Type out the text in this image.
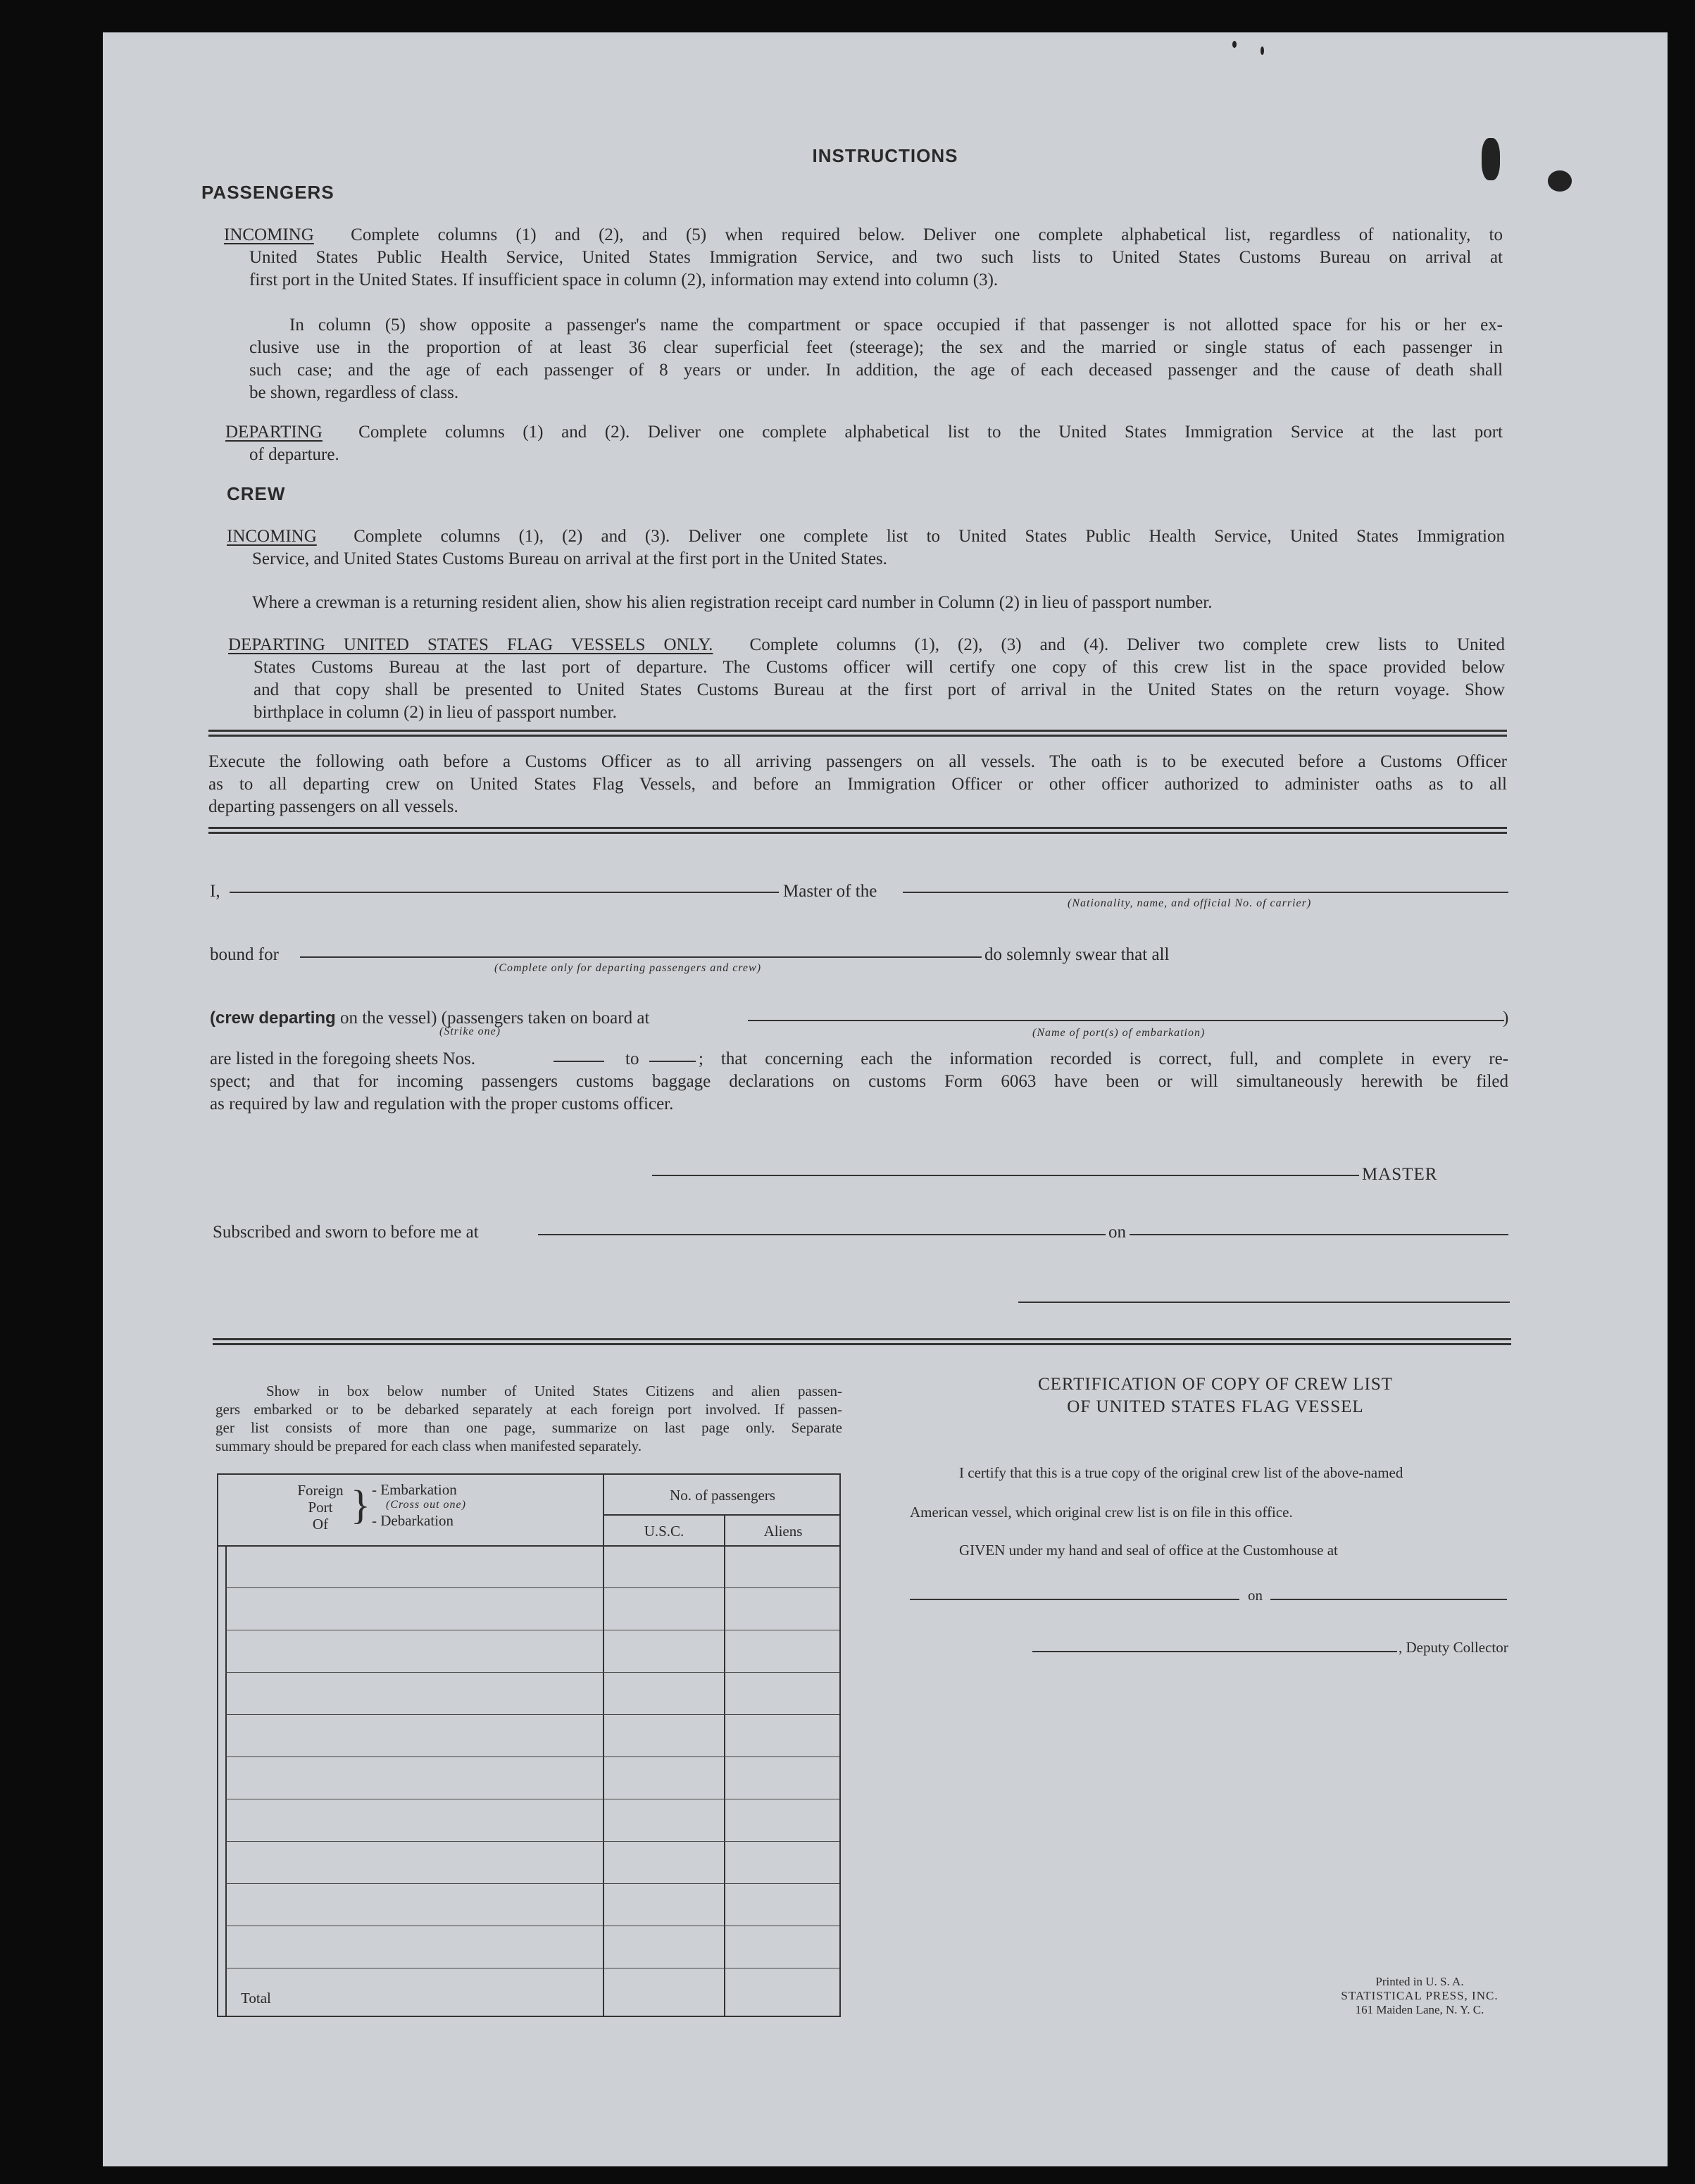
INSTRUCTIONS
PASSENGERS
INCOMING Complete columns (1) and (2), and (5) when required below. Deliver one complete alphabetical list, regardless of nationality, to
United States Public Health Service, United States Immigration Service, and two such lists to United States Customs Bureau on arrival at
first port in the United States. If insufficient space in column (2), information may extend into column (3).
In column (5) show opposite a passenger's name the compartment or space occupied if that passenger is not allotted space for his or her ex-
clusive use in the proportion of at least 36 clear superficial feet (steerage); the sex and the married or single status of each passenger in
such case; and the age of each passenger of 8 years or under. In addition, the age of each deceased passenger and the cause of death shall
be shown, regardless of class.
DEPARTING Complete columns (1) and (2). Deliver one complete alphabetical list to the United States Immigration Service at the last port
of departure.
CREW
INCOMING Complete columns (1), (2) and (3). Deliver one complete list to United States Public Health Service, United States Immigration
Service, and United States Customs Bureau on arrival at the first port in the United States.
Where a crewman is a returning resident alien, show his alien registration receipt card number in Column (2) in lieu of passport number.
DEPARTING UNITED STATES FLAG VESSELS ONLY. Complete columns (1), (2), (3) and (4). Deliver two complete crew lists to United
States Customs Bureau at the last port of departure. The Customs officer will certify one copy of this crew list in the space provided below
and that copy shall be presented to United States Customs Bureau at the first port of arrival in the United States on the return voyage. Show
birthplace in column (2) in lieu of passport number.
Execute the following oath before a Customs Officer as to all arriving passengers on all vessels. The oath is to be executed before a Customs Officer
as to all departing crew on United States Flag Vessels, and before an Immigration Officer or other officer authorized to administer oaths as to all
departing passengers on all vessels.
I,	Master of the
(Nationality, name, and official No. of carrier)
bound for	do solemnly swear that all
(Complete only for departing passengers and crew)
(crew departing on the vessel) (passengers taken on board at	)
(Strike one)	(Name of port(s) of embarkation)
are listed in the foregoing sheets Nos.	to	; that concerning each the information recorded is correct, full, and complete in every re-
spect; and that for incoming passengers customs baggage declarations on customs Form 6063 have been or will simultaneously herewith be filed
as required by law and regulation with the proper customs officer.
MASTER
Subscribed and sworn to before me at	on
Show in box below number of United States Citizens and alien passen-
gers embarked or to be debarked separately at each foreign port involved. If passen-
ger list consists of more than one page, summarize on last page only. Separate
summary should be prepared for each class when manifested separately.
Foreign
Port
Of } - Embarkation
(Cross out one)
- Debarkation
No. of passengers
U.S.C.	Aliens
Total
CERTIFICATION OF COPY OF CREW LIST
OF UNITED STATES FLAG VESSEL
I certify that this is a true copy of the original crew list of the above-named
American vessel, which original crew list is on file in this office.
GIVEN under my hand and seal of office at the Customhouse at
on
, Deputy Collector
Printed in U. S. A.
STATISTICAL PRESS, INC.
161 Maiden Lane, N. Y. C.
